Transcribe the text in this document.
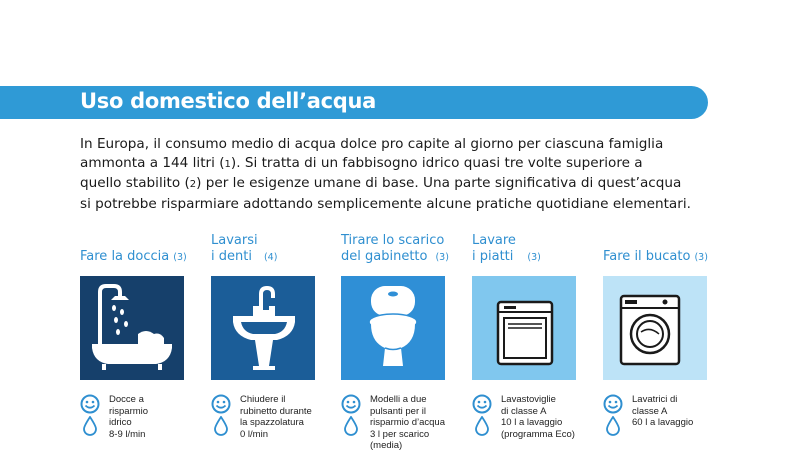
Uso domestico dell’acqua
In Europa, il consumo medio di acqua dolce pro capite al giorno per ciascuna famiglia
ammonta a 144 litri (1). Si tratta di un fabbisogno idrico quasi tre volte superiore a
quello stabilito (2) per le esigenze umane di base. Una parte significativa di quest’acqua
si potrebbe risparmiare adottando semplicemente alcune pratiche quotidiane elementari.
Fare la doccia (3)
Docce a
risparmio
idrico
8-9 l/min
Lavarsi
i denti (4)
Chiudere il
rubinetto durante
la spazzolatura
0 l/min
Tirare lo scarico
del gabinetto (3)
Modelli a due
pulsanti per il
risparmio d’acqua
3 l per scarico
(media)
Lavare
i piatti (3)
Lavastoviglie
di classe A
10 l a lavaggio
(programma Eco)
Fare il bucato (3)
Lavatrici di
classe A
60 l a lavaggio
